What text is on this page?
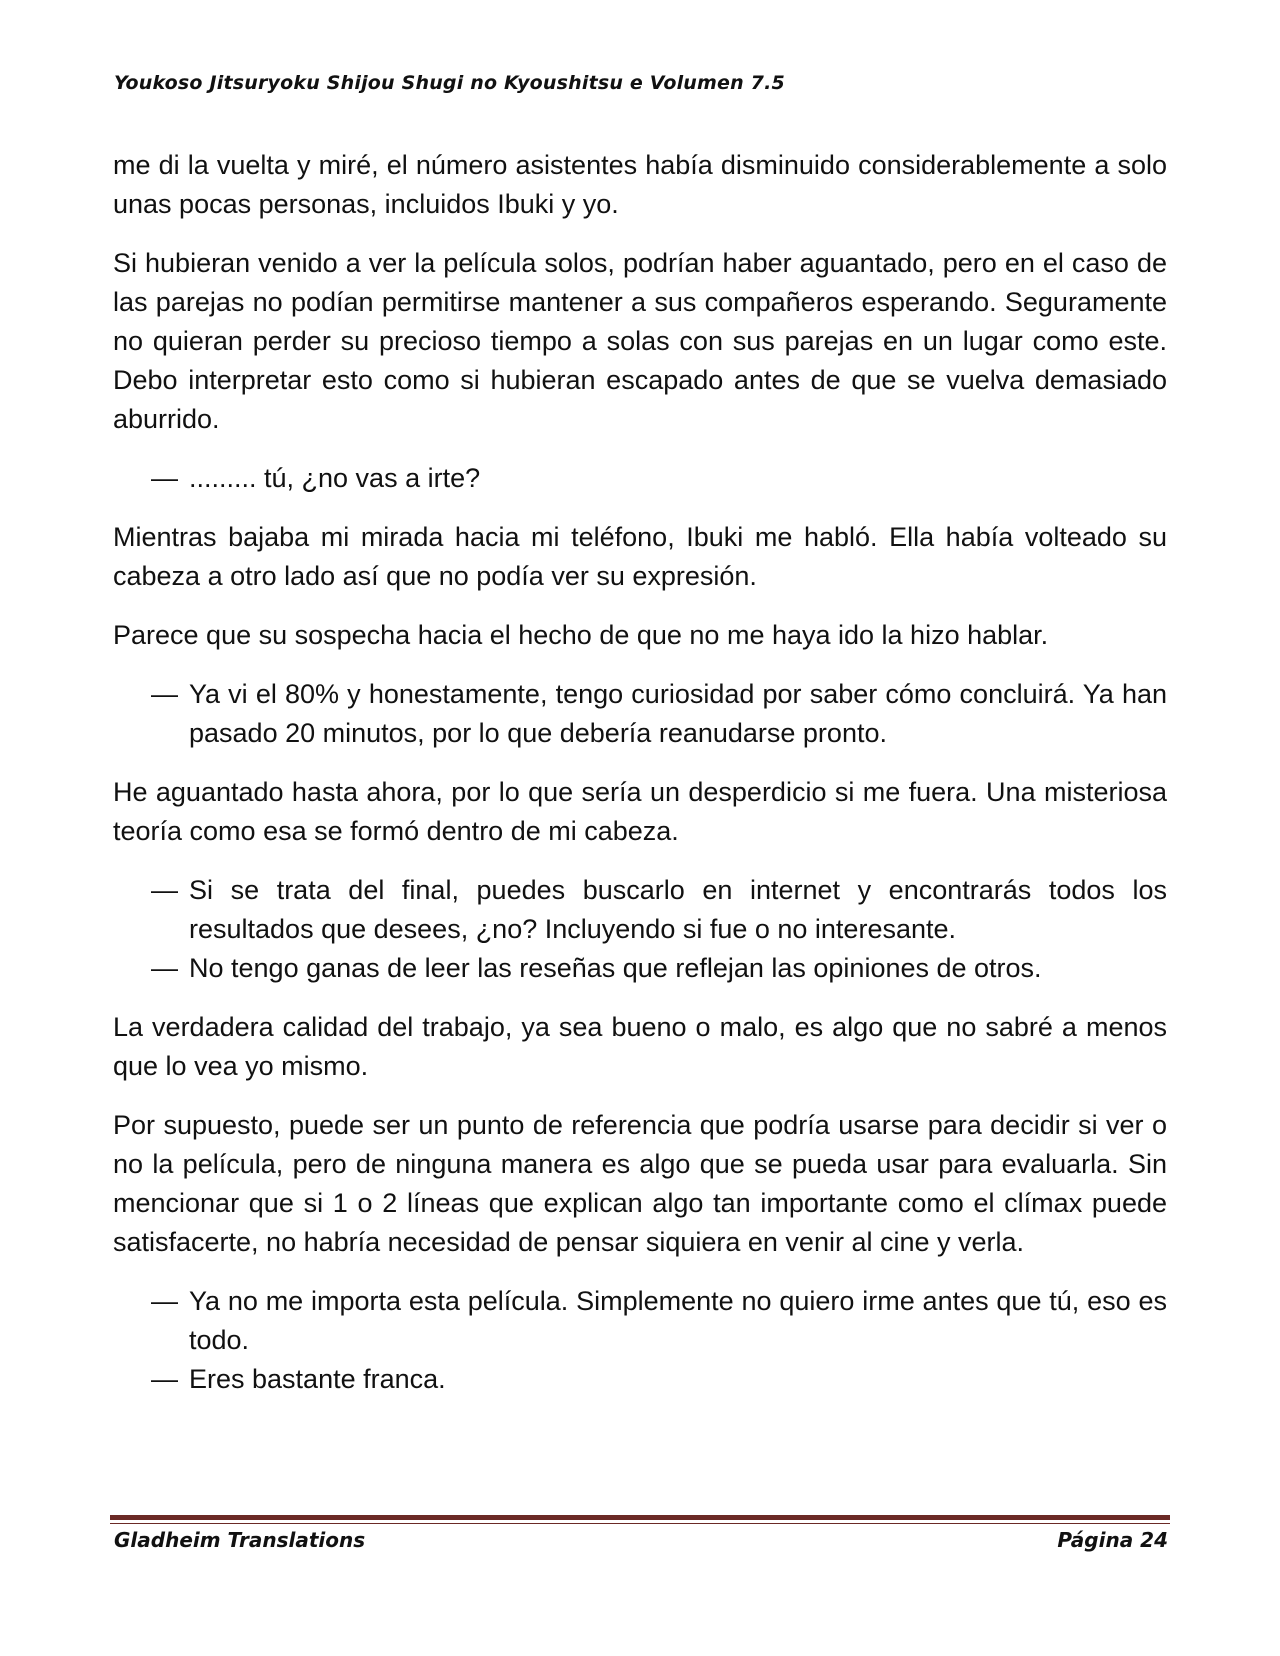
Youkoso Jitsuryoku Shijou Shugi no Kyoushitsu e Volumen 7.5

me di la vuelta y miré, el número asistentes había disminuido considerablemente a solo unas pocas personas, incluidos Ibuki y yo.

Si hubieran venido a ver la película solos, podrían haber aguantado, pero en el caso de las parejas no podían permitirse mantener a sus compañeros esperando. Seguramente no quieran perder su precioso tiempo a solas con sus parejas en un lugar como este. Debo interpretar esto como si hubieran escapado antes de que se vuelva demasiado aburrido.

— ......... tú, ¿no vas a irte?

Mientras bajaba mi mirada hacia mi teléfono, Ibuki me habló. Ella había volteado su cabeza a otro lado así que no podía ver su expresión.

Parece que su sospecha hacia el hecho de que no me haya ido la hizo hablar.

— Ya vi el 80% y honestamente, tengo curiosidad por saber cómo concluirá. Ya han pasado 20 minutos, por lo que debería reanudarse pronto.

He aguantado hasta ahora, por lo que sería un desperdicio si me fuera. Una misteriosa teoría como esa se formó dentro de mi cabeza.

— Si se trata del final, puedes buscarlo en internet y encontrarás todos los resultados que desees, ¿no? Incluyendo si fue o no interesante.
— No tengo ganas de leer las reseñas que reflejan las opiniones de otros.

La verdadera calidad del trabajo, ya sea bueno o malo, es algo que no sabré a menos que lo vea yo mismo.

Por supuesto, puede ser un punto de referencia que podría usarse para decidir si ver o no la película, pero de ninguna manera es algo que se pueda usar para evaluarla. Sin mencionar que si 1 o 2 líneas que explican algo tan importante como el clímax puede satisfacerte, no habría necesidad de pensar siquiera en venir al cine y verla.

— Ya no me importa esta película. Simplemente no quiero irme antes que tú, eso es todo.
— Eres bastante franca.
Gladheim Translations	Página 24
